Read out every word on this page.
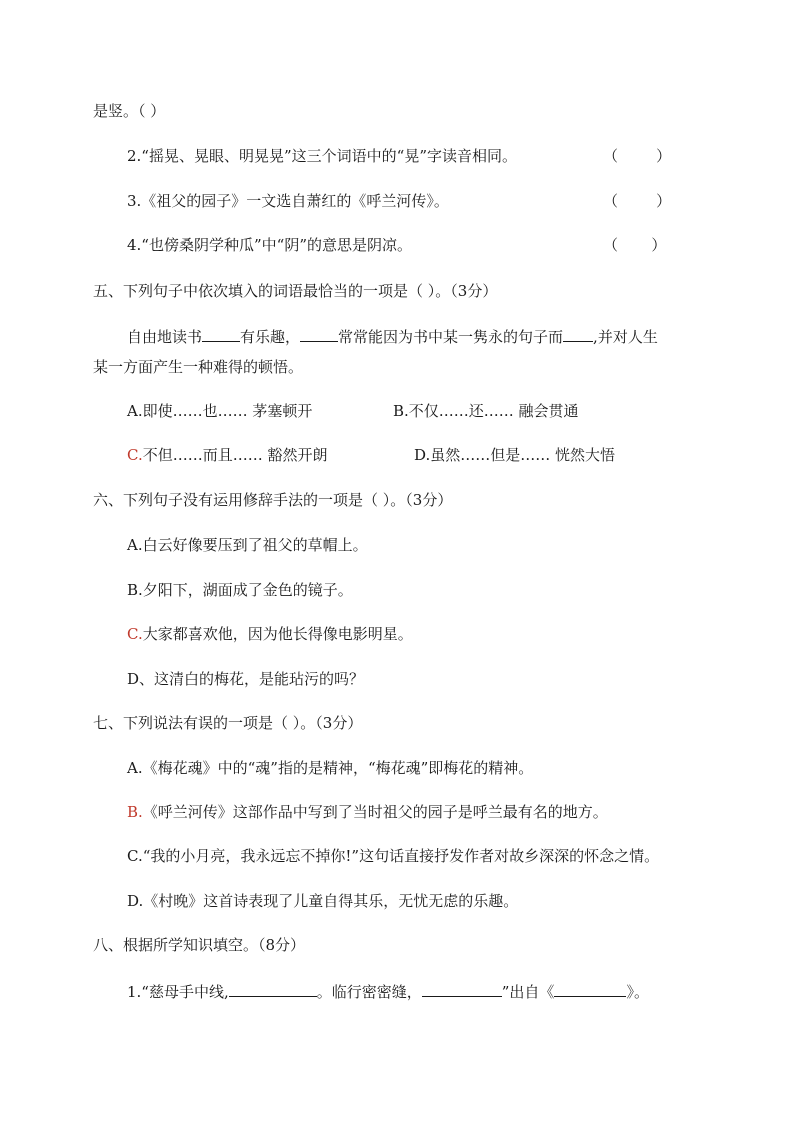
是竖。（ ）
2.“摇晃、晃眼、明晃晃”这三个词语中的“晃”字读音相同。	（        ）
3.《祖父的园子》一文选自萧红的《呼兰河传》。	（        ）
4.“也傍桑阴学种瓜”中“阴”的意思是阴凉。	（       ）
五、下列句子中依次填入的词语最恰当的一项是（ ）。（3分）
自由地读书	有乐趣，	常常能因为书中某一隽永的句子而 ,并对人生
某一方面产生一种难得的顿悟。
A.即使……也…… 茅塞顿开	B.不仅……还…… 融会贯通
C.不但……而且…… 豁然开朗	D.虽然……但是…… 恍然大悟
六、下列句子没有运用修辞手法的一项是（ ）。（3分）
A.白云好像要压到了祖父的草帽上。
B.夕阳下，湖面成了金色的镜子。
C.大家都喜欢他，因为他长得像电影明星。
D、这清白的梅花，是能玷污的吗？
七、下列说法有误的一项是（ ）。（3分）
A.《梅花魂》中的“魂”指的是精神，“梅花魂”即梅花的精神。
B.《呼兰河传》这部作品中写到了当时祖父的园子是呼兰最有名的地方。
C.“我的小月亮，我永远忘不掉你!”这句话直接抒发作者对故乡深深的怀念之情。
D.《村晚》这首诗表现了儿童自得其乐，无忧无虑的乐趣。
八、根据所学知识填空。（8分）
1.“慈母手中线,	。临行密密缝，	”出自《	》。
